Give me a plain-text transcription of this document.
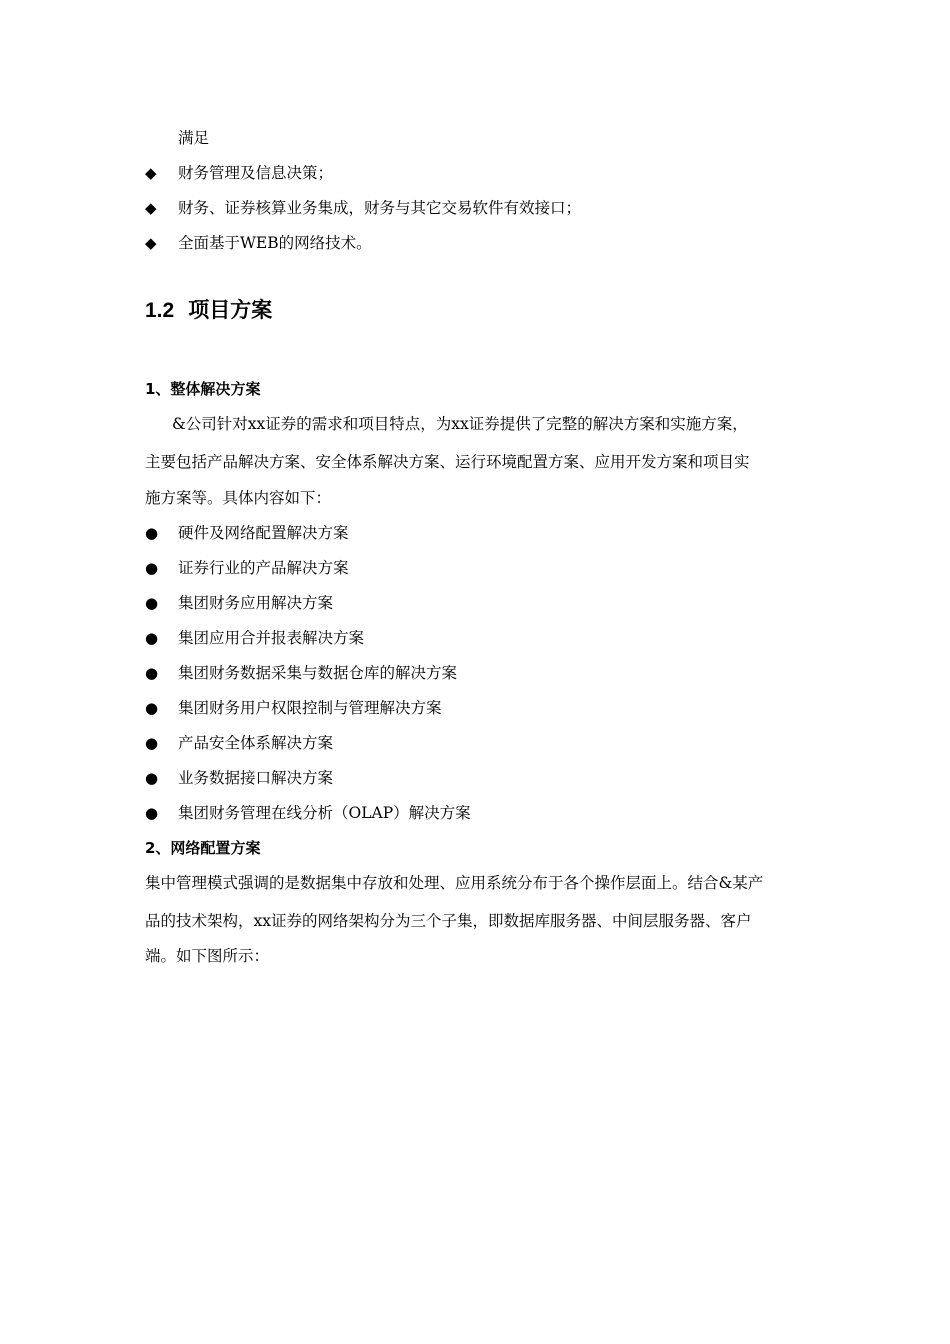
满足
◆	财务管理及信息决策；
◆	财务、证券核算业务集成，财务与其它交易软件有效接口；
◆	全面基于WEB的网络技术。
1.2 项目方案
1、整体解决方案
&公司针对xx证券的需求和项目特点，为xx证券提供了完整的解决方案和实施方案，
主要包括产品解决方案、安全体系解决方案、运行环境配置方案、应用开发方案和项目实
施方案等。具体内容如下：
●	硬件及网络配置解决方案
●	证券行业的产品解决方案
●	集团财务应用解决方案
●	集团应用合并报表解决方案
●	集团财务数据采集与数据仓库的解决方案
●	集团财务用户权限控制与管理解决方案
●	产品安全体系解决方案
●	业务数据接口解决方案
●	集团财务管理在线分析（OLAP）解决方案
2、网络配置方案
集中管理模式强调的是数据集中存放和处理、应用系统分布于各个操作层面上。结合&某产
品的技术架构，xx证券的网络架构分为三个子集，即数据库服务器、中间层服务器、客户
端。如下图所示：
